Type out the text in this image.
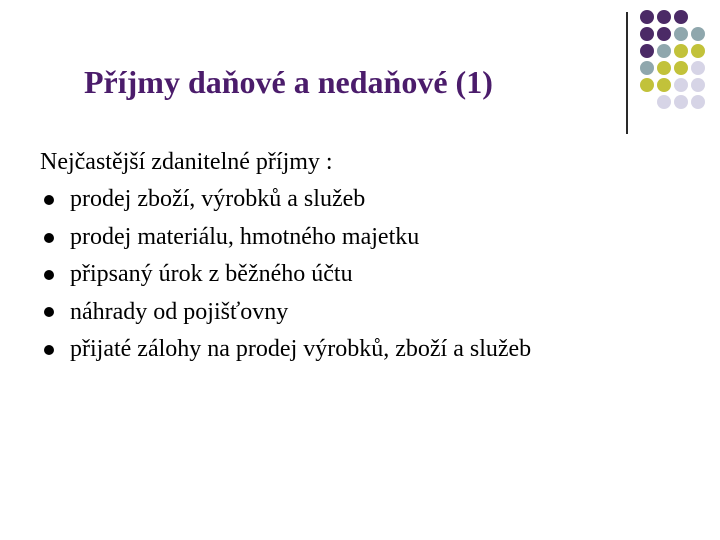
Příjmy daňové a nedaňové (1)
Nejčastější zdanitelné příjmy :
prodej zboží, výrobků a služeb
prodej materiálu, hmotného majetku
připsaný úrok z běžného účtu
náhrady od pojišťovny
přijaté zálohy na prodej výrobků, zboží a služeb
